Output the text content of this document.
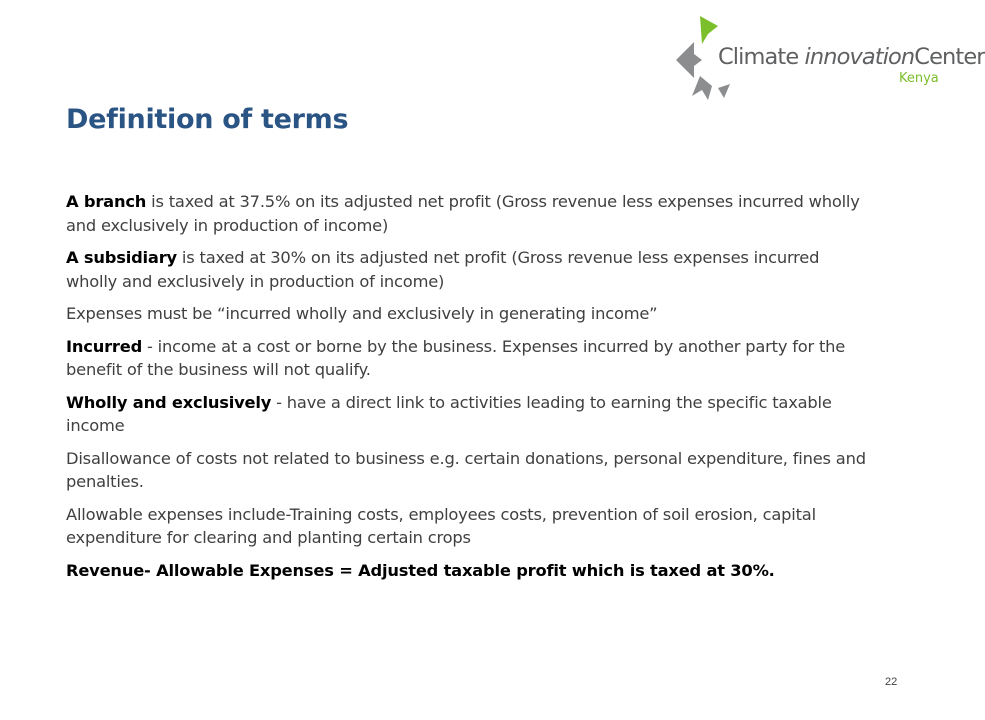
Climate innovationCenter
Kenya
Definition of terms

A branch is taxed at 37.5% on its adjusted net profit (Gross revenue less expenses incurred wholly and exclusively in production of income)

A subsidiary is taxed at 30% on its adjusted net profit (Gross revenue less expenses incurred wholly and exclusively in production of income)

Expenses must be “incurred wholly and exclusively in generating income”

Incurred - income at a cost or borne by the business. Expenses incurred by another party for the benefit of the business will not qualify.

Wholly and exclusively - have a direct link to activities leading to earning the specific taxable income

Disallowance of costs not related to business e.g. certain donations, personal expenditure, fines and penalties.

Allowable expenses include-Training costs, employees costs, prevention of soil erosion, capital expenditure for clearing and planting certain crops

Revenue- Allowable Expenses = Adjusted taxable profit which is taxed at 30%.

22
